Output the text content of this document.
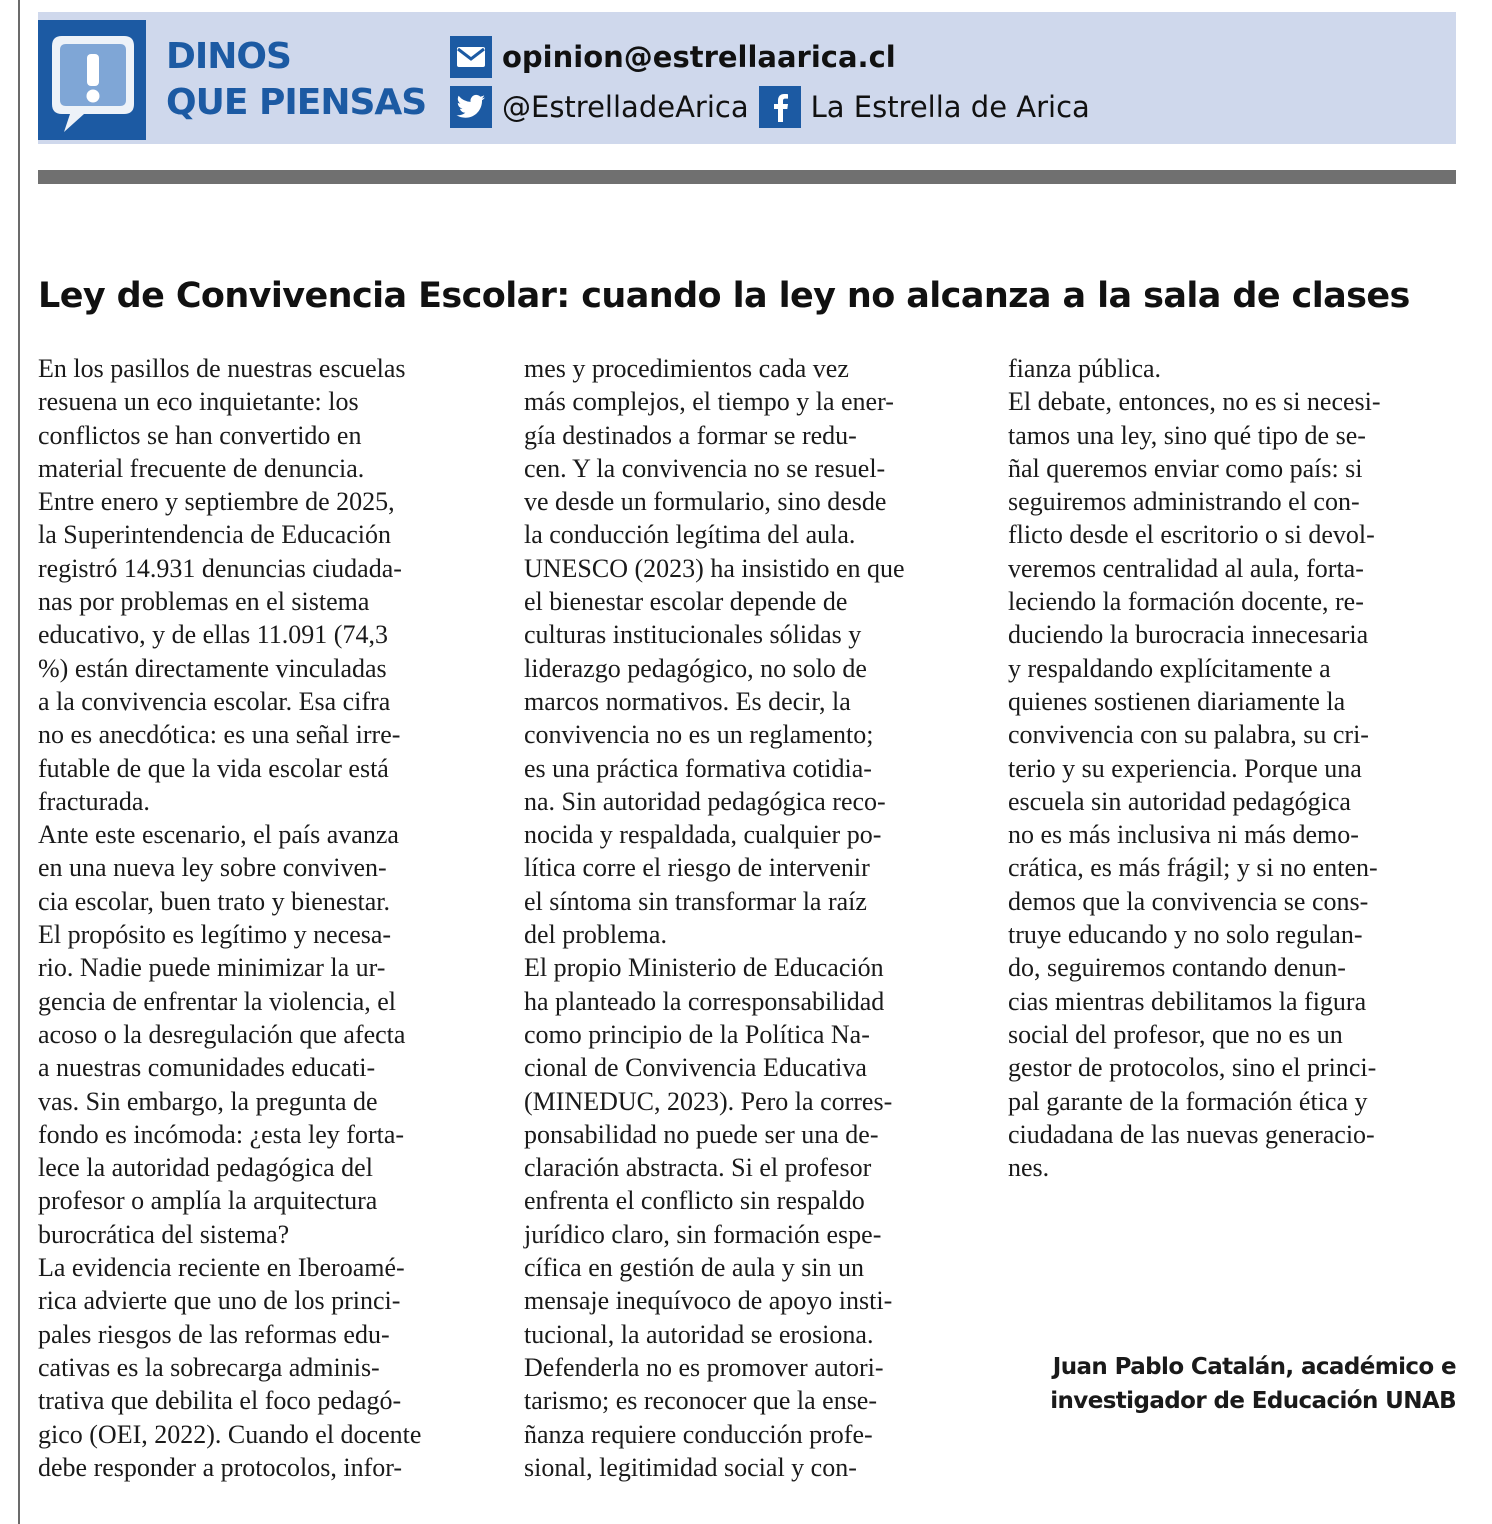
DINOS
QUE PIENSAS
opinion@estrellaarica.cl
@EstrelladeArica La Estrella de Arica
Ley de Convivencia Escolar: cuando la ley no alcanza a la sala de clases
En los pasillos de nuestras escuelas
resuena un eco inquietante: los
conflictos se han convertido en
material frecuente de denuncia.
Entre enero y septiembre de 2025,
la Superintendencia de Educación
registró 14.931 denuncias ciudada-
nas por problemas en el sistema
educativo, y de ellas 11.091 (74,3
%) están directamente vinculadas
a la convivencia escolar. Esa cifra
no es anecdótica: es una señal irre-
futable de que la vida escolar está
fracturada.
Ante este escenario, el país avanza
en una nueva ley sobre conviven-
cia escolar, buen trato y bienestar.
El propósito es legítimo y necesa-
rio. Nadie puede minimizar la ur-
gencia de enfrentar la violencia, el
acoso o la desregulación que afecta
a nuestras comunidades educati-
vas. Sin embargo, la pregunta de
fondo es incómoda: ¿esta ley forta-
lece la autoridad pedagógica del
profesor o amplía la arquitectura
burocrática del sistema?
La evidencia reciente en Iberoamé-
rica advierte que uno de los princi-
pales riesgos de las reformas edu-
cativas es la sobrecarga adminis-
trativa que debilita el foco pedagó-
gico (OEI, 2022). Cuando el docente
debe responder a protocolos, infor-
mes y procedimientos cada vez
más complejos, el tiempo y la ener-
gía destinados a formar se redu-
cen. Y la convivencia no se resuel-
ve desde un formulario, sino desde
la conducción legítima del aula.
UNESCO (2023) ha insistido en que
el bienestar escolar depende de
culturas institucionales sólidas y
liderazgo pedagógico, no solo de
marcos normativos. Es decir, la
convivencia no es un reglamento;
es una práctica formativa cotidia-
na. Sin autoridad pedagógica reco-
nocida y respaldada, cualquier po-
lítica corre el riesgo de intervenir
el síntoma sin transformar la raíz
del problema.
El propio Ministerio de Educación
ha planteado la corresponsabilidad
como principio de la Política Na-
cional de Convivencia Educativa
(MINEDUC, 2023). Pero la corres-
ponsabilidad no puede ser una de-
claración abstracta. Si el profesor
enfrenta el conflicto sin respaldo
jurídico claro, sin formación espe-
cífica en gestión de aula y sin un
mensaje inequívoco de apoyo insti-
tucional, la autoridad se erosiona.
Defenderla no es promover autori-
tarismo; es reconocer que la ense-
ñanza requiere conducción profe-
sional, legitimidad social y con-
fianza pública.
El debate, entonces, no es si necesi-
tamos una ley, sino qué tipo de se-
ñal queremos enviar como país: si
seguiremos administrando el con-
flicto desde el escritorio o si devol-
veremos centralidad al aula, forta-
leciendo la formación docente, re-
duciendo la burocracia innecesaria
y respaldando explícitamente a
quienes sostienen diariamente la
convivencia con su palabra, su cri-
terio y su experiencia. Porque una
escuela sin autoridad pedagógica
no es más inclusiva ni más demo-
crática, es más frágil; y si no enten-
demos que la convivencia se cons-
truye educando y no solo regulan-
do, seguiremos contando denun-
cias mientras debilitamos la figura
social del profesor, que no es un
gestor de protocolos, sino el princi-
pal garante de la formación ética y
ciudadana de las nuevas generacio-
nes.
Juan Pablo Catalán, académico e
investigador de Educación UNAB
